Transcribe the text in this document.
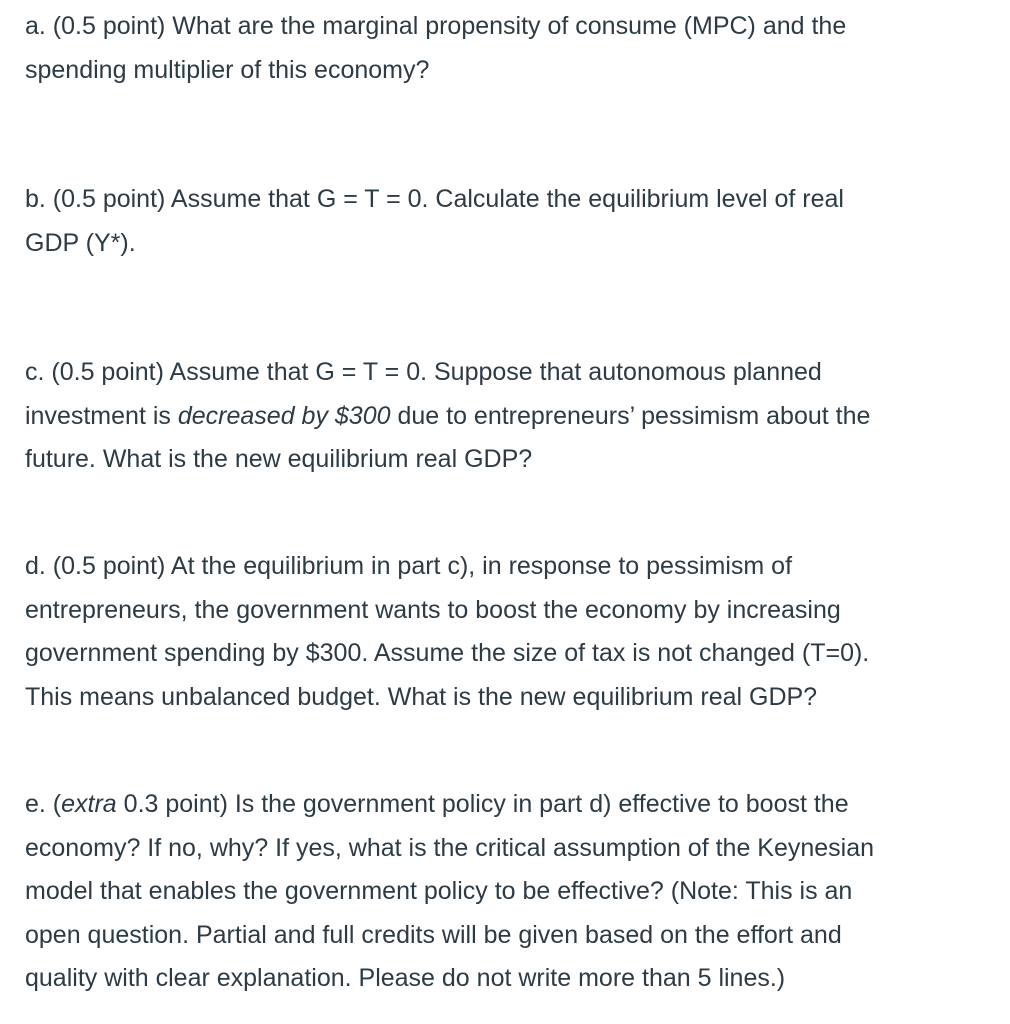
a. (0.5 point) What are the marginal propensity of consume (MPC) and the
spending multiplier of this economy?
b. (0.5 point) Assume that G = T = 0. Calculate the equilibrium level of real
GDP (Y*).
c. (0.5 point) Assume that G = T = 0. Suppose that autonomous planned
investment is decreased by $300 due to entrepreneurs’ pessimism about the
future. What is the new equilibrium real GDP?
d. (0.5 point) At the equilibrium in part c), in response to pessimism of
entrepreneurs, the government wants to boost the economy by increasing
government spending by $300. Assume the size of tax is not changed (T=0).
This means unbalanced budget. What is the new equilibrium real GDP?
e. (extra 0.3 point) Is the government policy in part d) effective to boost the
economy? If no, why? If yes, what is the critical assumption of the Keynesian
model that enables the government policy to be effective? (Note: This is an
open question. Partial and full credits will be given based on the effort and
quality with clear explanation. Please do not write more than 5 lines.)
